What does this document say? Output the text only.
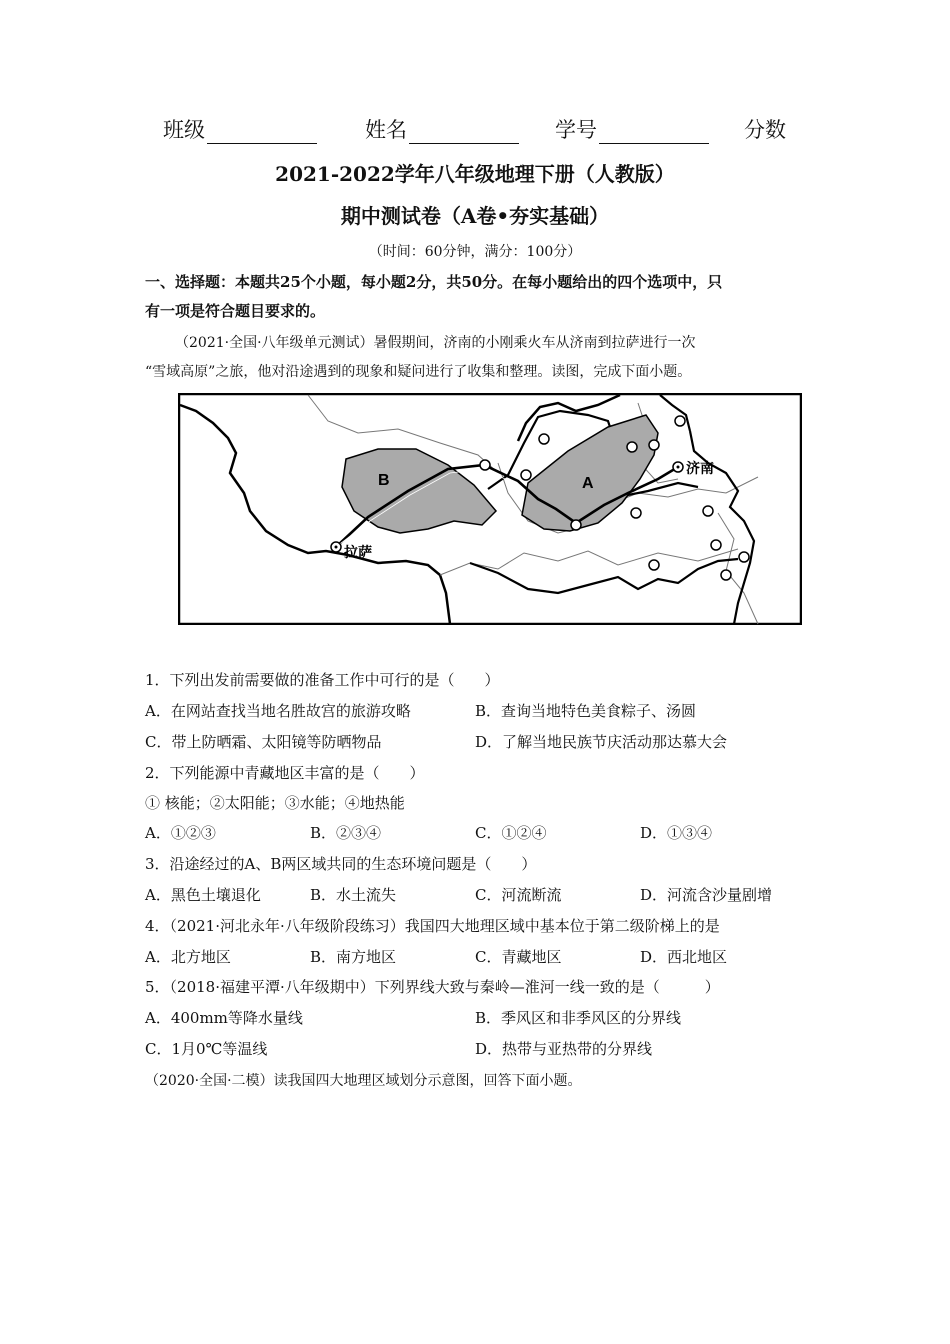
班级	姓名	学号	分数
2021-2022学年八年级地理下册（人教版）
期中测试卷（A卷•夯实基础）
（时间：60分钟，满分：100分）
一、选择题：本题共25个小题，每小题2分，共50分。在每小题给出的四个选项中，只
有一项是符合题目要求的。
（2021·全国·八年级单元测试）暑假期间，济南的小刚乘火车从济南到拉萨进行一次
“雪域高原”之旅，他对沿途遇到的现象和疑问进行了收集和整理。读图，完成下面小题。
B	A
拉萨
济南
1．下列出发前需要做的准备工作中可行的是（　　）
A．在网站查找当地名胜故宫的旅游攻略	B．查询当地特色美食粽子、汤圆
C．带上防晒霜、太阳镜等防晒物品	D．了解当地民族节庆活动那达慕大会
2．下列能源中青藏地区丰富的是（　　）
① 核能；②太阳能；③水能；④地热能
A．①②③	B．②③④	C．①②④	D．①③④
3．沿途经过的A、B两区域共同的生态环境问题是（　　）
A．黑色土壤退化	B．水土流失	C．河流断流	D．河流含沙量剧增
4．（2021·河北永年·八年级阶段练习）我国四大地理区域中基本位于第二级阶梯上的是
A．北方地区	B．南方地区	C．青藏地区	D．西北地区
5．（2018·福建平潭·八年级期中）下列界线大致与秦岭—淮河一线一致的是（　　　）
A．400mm等降水量线	B．季风区和非季风区的分界线
C．1月0℃等温线	D．热带与亚热带的分界线
（2020·全国·二模）读我国四大地理区域划分示意图，回答下面小题。
